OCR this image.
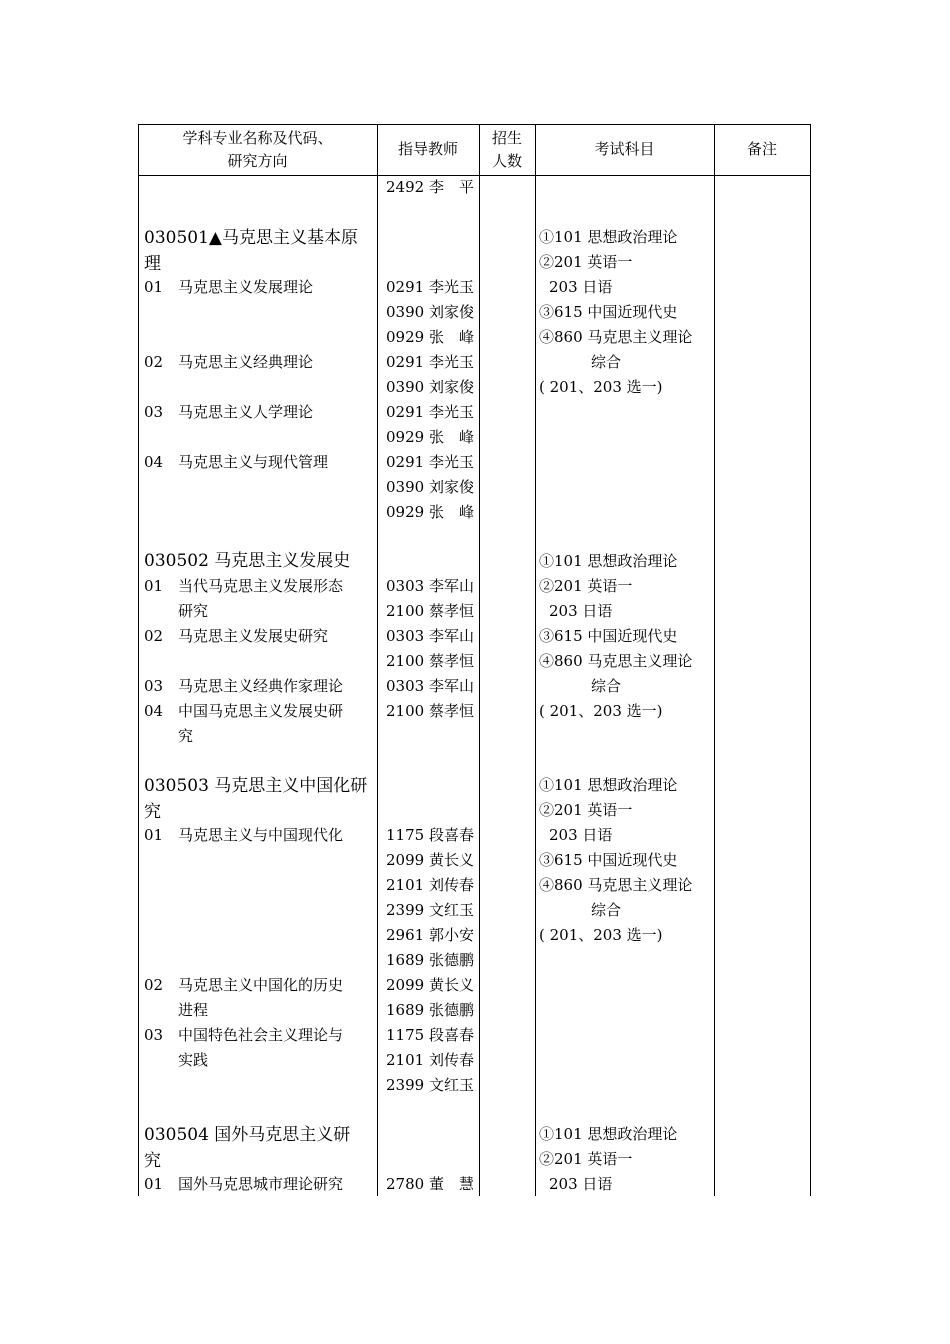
学科专业名称及代码、
研究方向
指导教师
招生
人数
考试科目	备注
2492 李　平
030501▲马克思主义基本原
理
01 马克思主义发展理论
02 马克思主义经典理论
03 马克思主义人学理论
04 马克思主义与现代管理
0291 李光玉
0390 刘家俊
0929 张　峰
0291 李光玉
0390 刘家俊
0291 李光玉
0929 张　峰
0291 李光玉
0390 刘家俊
0929 张　峰
①101 思想政治理论
②201 英语一
203 日语
③615 中国近现代史
④860 马克思主义理论
综合
( 201、203 选一)
030502 马克思主义发展史
01 当代马克思主义发展形态
研究
02 马克思主义发展史研究
03 马克思主义经典作家理论
04 中国马克思主义发展史研
究
0303 李军山
2100 蔡孝恒
0303 李军山
2100 蔡孝恒
0303 李军山
2100 蔡孝恒
①101 思想政治理论
②201 英语一
203 日语
③615 中国近现代史
④860 马克思主义理论
综合
( 201、203 选一)
030503 马克思主义中国化研
究
01 马克思主义与中国现代化
02 马克思主义中国化的历史
进程
03 中国特色社会主义理论与
实践
1175 段喜春
2099 黄长义
2101 刘传春
2399 文红玉
2961 郭小安
1689 张德鹏
2099 黄长义
1689 张德鹏
1175 段喜春
2101 刘传春
2399 文红玉
①101 思想政治理论
②201 英语一
203 日语
③615 中国近现代史
④860 马克思主义理论
综合
( 201、203 选一)
030504 国外马克思主义研
究
01 国外马克思城市理论研究	2780 董　慧
①101 思想政治理论
②201 英语一
203 日语
